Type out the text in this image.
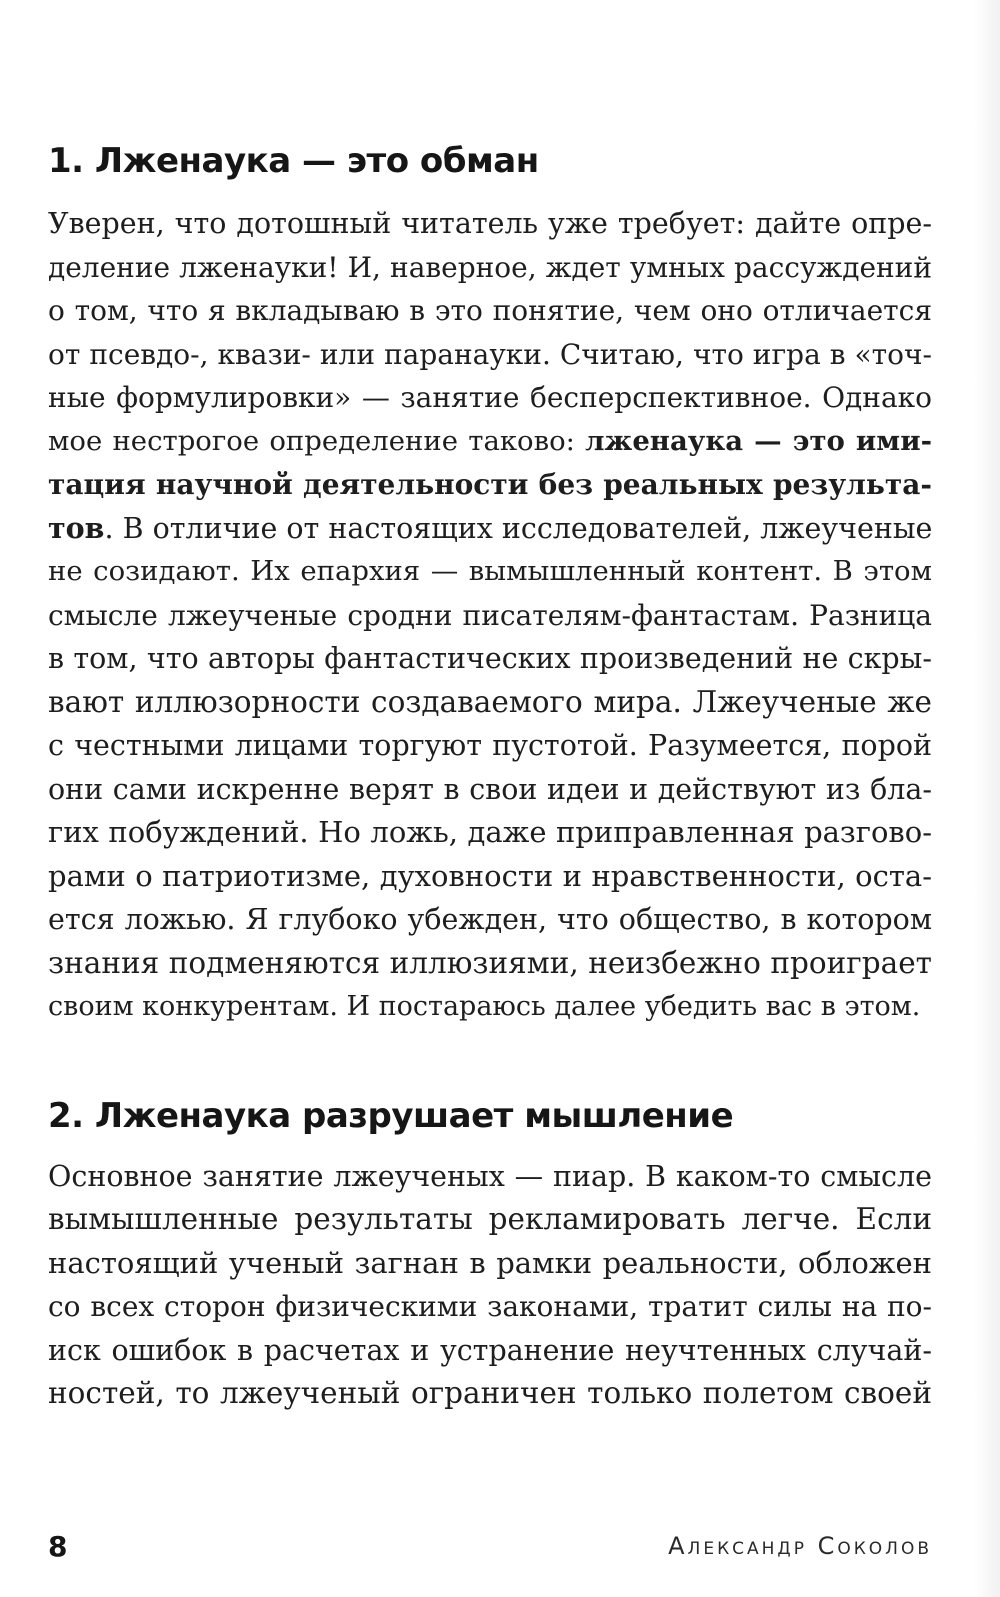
1. Лженаука — это обман

Уверен, что дотошный читатель уже требует: дайте опре-
деление лженауки! И, наверное, ждет умных рассуждений
о том, что я вкладываю в это понятие, чем оно отличается
от псевдо-, квази- или паранауки. Считаю, что игра в «точ-
ные формулировки» — занятие бесперспективное. Однако
мое нестрогое определение таково: лженаука — это ими-
тация научной деятельности без реальных результа-
тов. В отличие от настоящих исследователей, лжеученые
не созидают. Их епархия — вымышленный контент. В этом
смысле лжеученые сродни писателям-фантастам. Разница
в том, что авторы фантастических произведений не скры-
вают иллюзорности создаваемого мира. Лжеученые же
с честными лицами торгуют пустотой. Разумеется, порой
они сами искренне верят в свои идеи и действуют из бла-
гих побуждений. Но ложь, даже приправленная разгово-
рами о патриотизме, духовности и нравственности, оста-
ется ложью. Я глубоко убежден, что общество, в котором
знания подменяются иллюзиями, неизбежно проиграет
своим конкурентам. И постараюсь далее убедить вас в этом.

2. Лженаука разрушает мышление

Основное занятие лжеученых — пиар. В каком-то смысле
вымышленные результаты рекламировать легче. Если
настоящий ученый загнан в рамки реальности, обложен
со всех сторон физическими законами, тратит силы на по-
иск ошибок в расчетах и устранение неучтенных случай-
ностей, то лжеученый ограничен только полетом своей

8	Александр Соколов
